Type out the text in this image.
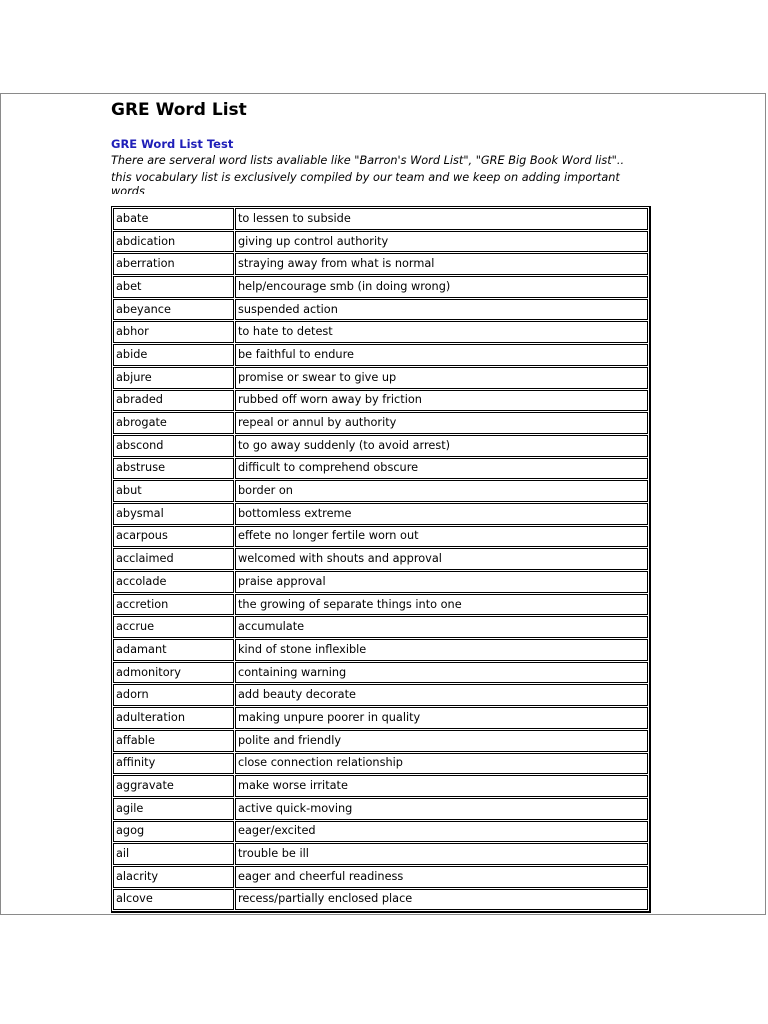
GRE Word List
GRE Word List Test
There are serveral word lists avaliable like "Barron's Word List", "GRE Big Book Word list"..
this vocabulary list is exclusively compiled by our team and we keep on adding important
words
abate	to lessen to subside
abdication	giving up control authority
aberration	straying away from what is normal
abet	help/encourage smb (in doing wrong)
abeyance	suspended action
abhor	to hate to detest
abide	be faithful to endure
abjure	promise or swear to give up
abraded	rubbed off worn away by friction
abrogate	repeal or annul by authority
abscond	to go away suddenly (to avoid arrest)
abstruse	difficult to comprehend obscure
abut	border on
abysmal	bottomless extreme
acarpous	effete no longer fertile worn out
acclaimed	welcomed with shouts and approval
accolade	praise approval
accretion	the growing of separate things into one
accrue	accumulate
adamant	kind of stone inflexible
admonitory	containing warning
adorn	add beauty decorate
adulteration	making unpure poorer in quality
affable	polite and friendly
affinity	close connection relationship
aggravate	make worse irritate
agile	active quick-moving
agog	eager/excited
ail	trouble be ill
alacrity	eager and cheerful readiness
alcove	recess/partially enclosed place
